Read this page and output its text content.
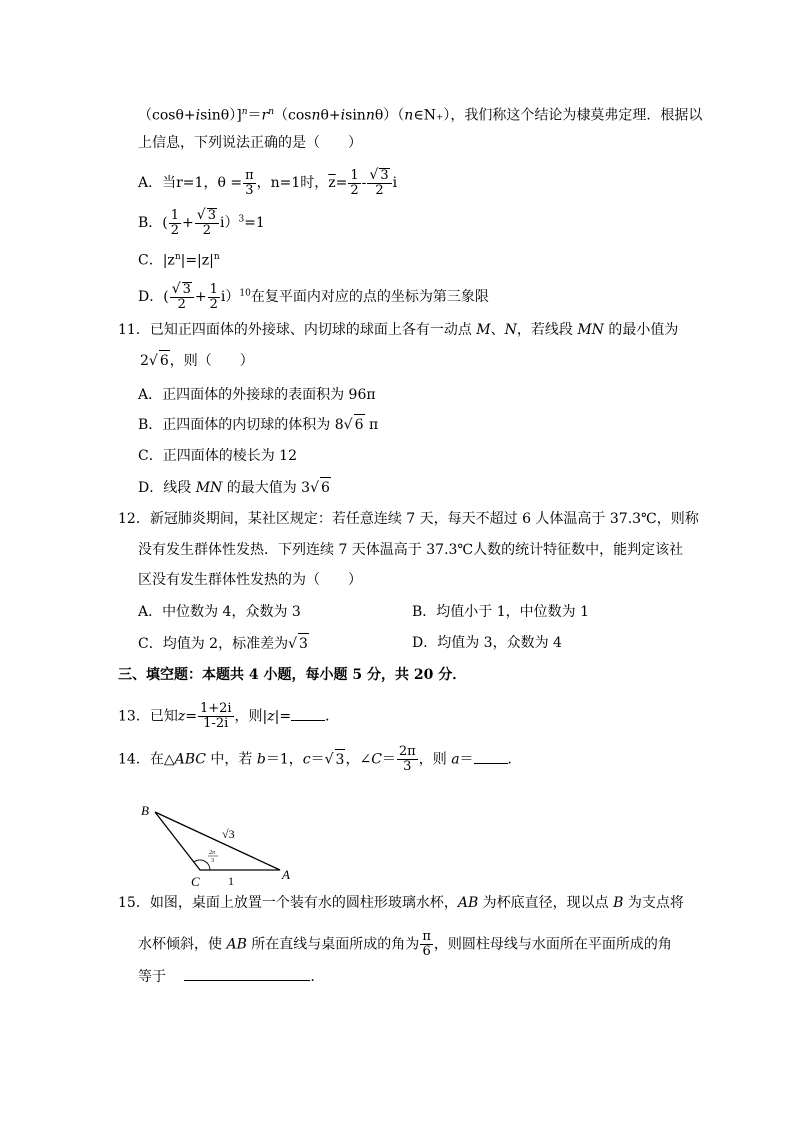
$(\cos\theta+isin\theta)]^n=r^n(\cos n\theta+isinn\theta)(n\in N_+)$，我们称这个结论为棣莫弗定理．根据以
上信息，下列说法正确的是（　　）
A．当r=1，$\theta = \frac{\pi}{3}$ ，n=1时，$\overline{z}= \frac{1}{2} - \frac{√ 3}{2}$ i
B．( $\frac{1}{2} + \frac{√ 3}{2} i)^3=1$
C．$|z^n|=|z|^n$
D．( $\frac{√ 3}{2} + \frac{1}{2} i)^{10}$在复平面内对应的点的坐标为第三象限
11．已知正四面体的外接球、内切球的球面上各有一动点 M、N，若线段 MN 的最小值为
2√ 6，则（　　）
A．正四面体的外接球的表面积为 96π
B．正四面体的内切球的体积为 8√ 6 π
C．正四面体的棱长为 12
D．线段 MN 的最大值为 3√ 6
12．新冠肺炎期间，某社区规定：若任意连续 7 天，每天不超过 6 人体温高于 37.3℃，则称
没有发生群体性发热．下列连续 7 天体温高于 37.3℃人数的统计特征数中，能判定该社
区没有发生群体性发热的为（　　）
A．中位数为 4，众数为 3	B．均值小于 1，中位数为 1
C．均值为 2，标准差为√ 3	D．均值为 3，众数为 4
三、填空题：本题共 4 小题，每小题 5 分，共 20 分．
13．已知$z= \frac{1+2i}{1-2i}$ ，则|z|= ．
14．在△ABC 中，若 b＝1，c＝√ 3，∠C＝ $\frac{2\pi}{3}$ ，则 a＝ ．
B
C	A
√3
1
2π
3
15．如图，桌面上放置一个装有水的圆柱形玻璃水杯，AB 为杯底直径，现以点 B 为支点将
水杯倾斜，使 AB 所在直线与桌面所成的角为 $\frac{\pi}{6}$ ，则圆柱母线与水面所在平面所成的角
等于	．
